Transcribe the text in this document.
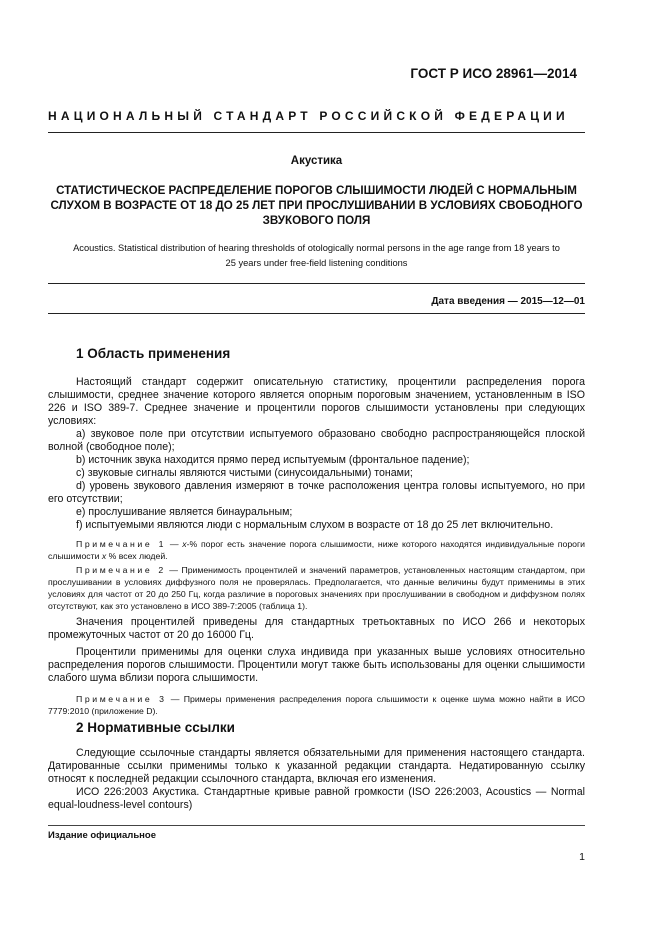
ГОСТ Р ИСО 28961—2014
НАЦИОНАЛЬНЫЙ СТАНДАРТ РОССИЙСКОЙ ФЕДЕРАЦИИ
Акустика
СТАТИСТИЧЕСКОЕ РАСПРЕДЕЛЕНИЕ ПОРОГОВ СЛЫШИМОСТИ ЛЮДЕЙ С НОРМАЛЬНЫМ
СЛУХОМ В ВОЗРАСТЕ ОТ 18 ДО 25 ЛЕТ ПРИ ПРОСЛУШИВАНИИ В УСЛОВИЯХ СВОБОДНОГО
ЗВУКОВОГО ПОЛЯ
Acoustics. Statistical distribution of hearing thresholds of otologically normal persons in the age range from 18 years to
25 years under free-field listening conditions
Дата введения — 2015—12—01
1 Область применения

Настоящий стандарт содержит описательную статистику, процентили распределения порога слышимости, среднее значение которого является опорным пороговым значением, установленным в ISO 226 и ISO 389-7. Среднее значение и процентили порогов слышимости установлены при следующих условиях:

a) звуковое поле при отсутствии испытуемого образовано свободно распространяющейся плоской волной (свободное поле);

b) источник звука находится прямо перед испытуемым (фронтальное падение);

c) звуковые сигналы являются чистыми (синусоидальными) тонами;

d) уровень звукового давления измеряют в точке расположения центра головы испытуемого, но при его отсутствии;

e) прослушивание является бинауральным;

f) испытуемыми являются люди с нормальным слухом в возрасте от 18 до 25 лет включительно.

Примечание 1 — x-% порог есть значение порога слышимости, ниже которого находятся индивидуальные пороги слышимости x % всех людей.

Примечание 2 — Применимость процентилей и значений параметров, установленных настоящим стандартом, при прослушивании в условиях диффузного поля не проверялась. Предполагается, что данные величины будут применимы в этих условиях для частот от 20 до 250 Гц, когда различие в пороговых значениях при прослушивании в свободном и диффузном полях отсутствуют, как это установлено в ИСО 389-7:2005 (таблица 1).

Значения процентилей приведены для стандартных третьоктавных по ИСО 266 и некоторых промежуточных частот от 20 до 16000 Гц.

Процентили применимы для оценки слуха индивида при указанных выше условиях относительно распределения порогов слышимости. Процентили могут также быть использованы для оценки слышимости слабого шума вблизи порога слышимости.

Примечание 3 — Примеры применения распределения порога слышимости к оценке шума можно найти в ИСО 7779:2010 (приложение D).

2 Нормативные ссылки

Следующие ссылочные стандарты является обязательными для применения настоящего стандарта. Датированные ссылки применимы только к указанной редакции стандарта. Недатированную ссылку относят к последней редакции ссылочного стандарта, включая его изменения.

ИСО 226:2003 Акустика. Стандартные кривые равной громкости (ISO 226:2003, Acoustics — Normal equal-loudness-level contours)

Издание официальное
1
